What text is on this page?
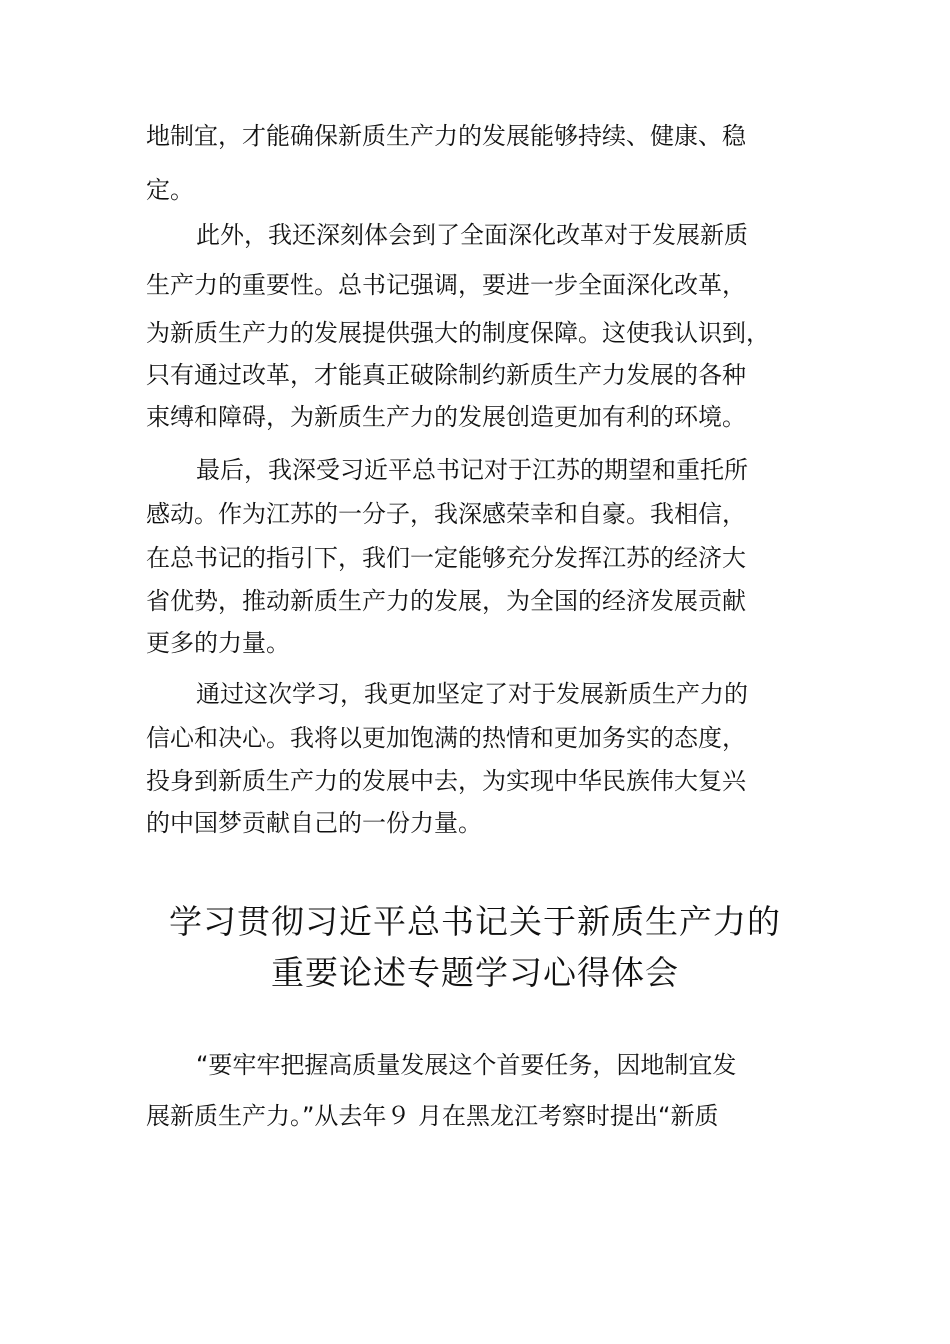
地制宜，才能确保新质生产力的发展能够持续、健康、稳
定。
此外，我还深刻体会到了全面深化改革对于发展新质
生产力的重要性。总书记强调，要进一步全面深化改革，
为新质生产力的发展提供强大的制度保障。这使我认识到，
只有通过改革，才能真正破除制约新质生产力发展的各种
束缚和障碍，为新质生产力的发展创造更加有利的环境。
最后，我深受习近平总书记对于江苏的期望和重托所
感动。作为江苏的一分子，我深感荣幸和自豪。我相信，
在总书记的指引下，我们一定能够充分发挥江苏的经济大
省优势，推动新质生产力的发展，为全国的经济发展贡献
更多的力量。
通过这次学习，我更加坚定了对于发展新质生产力的
信心和决心。我将以更加饱满的热情和更加务实的态度，
投身到新质生产力的发展中去，为实现中华民族伟大复兴
的中国梦贡献自己的一份力量。
学习贯彻习近平总书记关于新质生产力的
重要论述专题学习心得体会
“要牢牢把握高质量发展这个首要任务，因地制宜发
展新质生产力。”从去年９ 月在黑龙江考察时提出“新质
